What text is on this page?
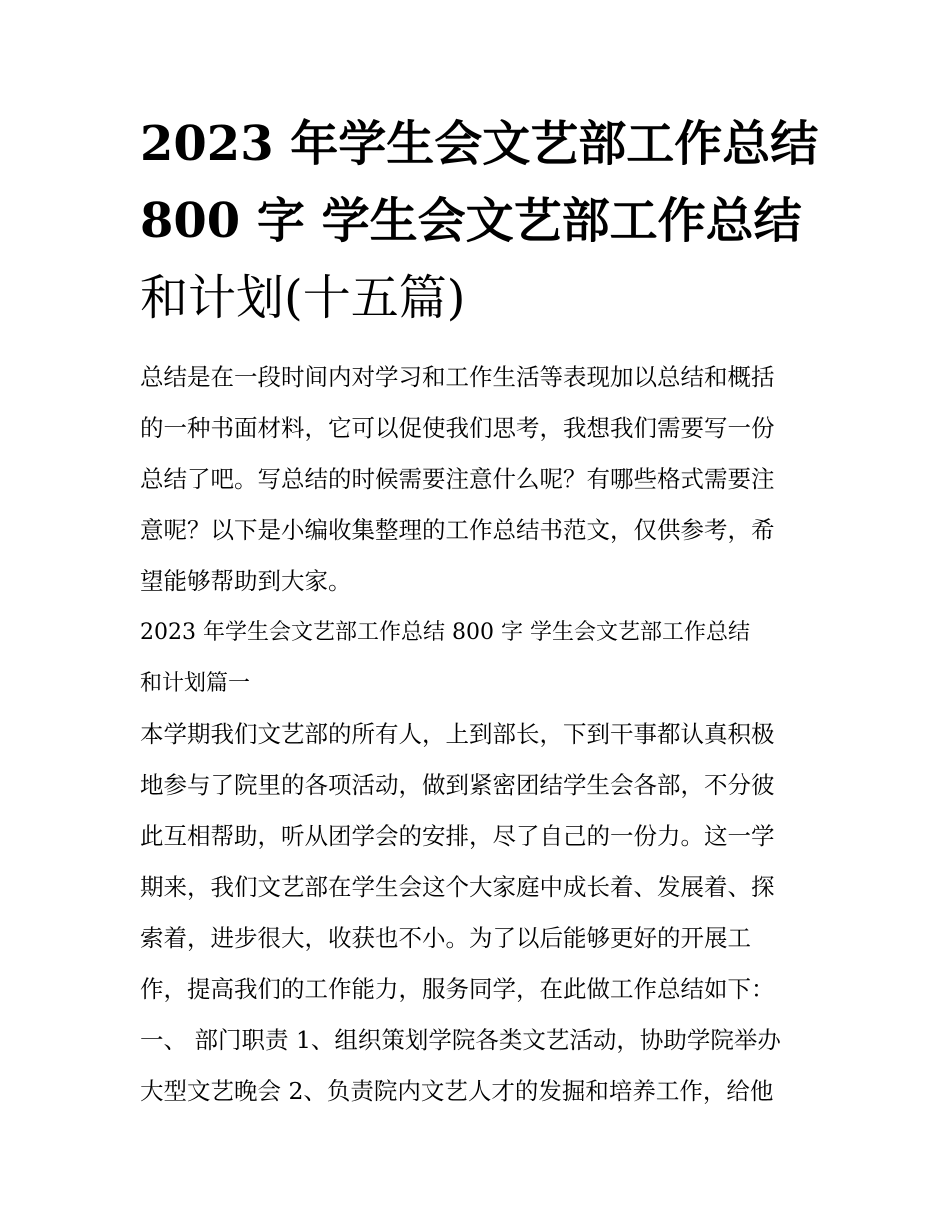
2023 年学生会文艺部工作总结
800 字 学生会文艺部工作总结
和计划(十五篇)
总结是在一段时间内对学习和工作生活等表现加以总结和概括
的一种书面材料，它可以促使我们思考，我想我们需要写一份
总结了吧。写总结的时候需要注意什么呢？有哪些格式需要注
意呢？以下是小编收集整理的工作总结书范文，仅供参考，希
望能够帮助到大家。
2023 年学生会文艺部工作总结 800 字 学生会文艺部工作总结
和计划篇一
本学期我们文艺部的所有人，上到部长，下到干事都认真积极
地参与了院里的各项活动，做到紧密团结学生会各部，不分彼
此互相帮助，听从团学会的安排，尽了自己的一份力。这一学
期来，我们文艺部在学生会这个大家庭中成长着、发展着、探
索着，进步很大，收获也不小。为了以后能够更好的开展工
作，提高我们的工作能力，服务同学，在此做工作总结如下：
一、 部门职责 1、组织策划学院各类文艺活动，协助学院举办
大型文艺晚会 2、负责院内文艺人才的发掘和培养工作，给他
